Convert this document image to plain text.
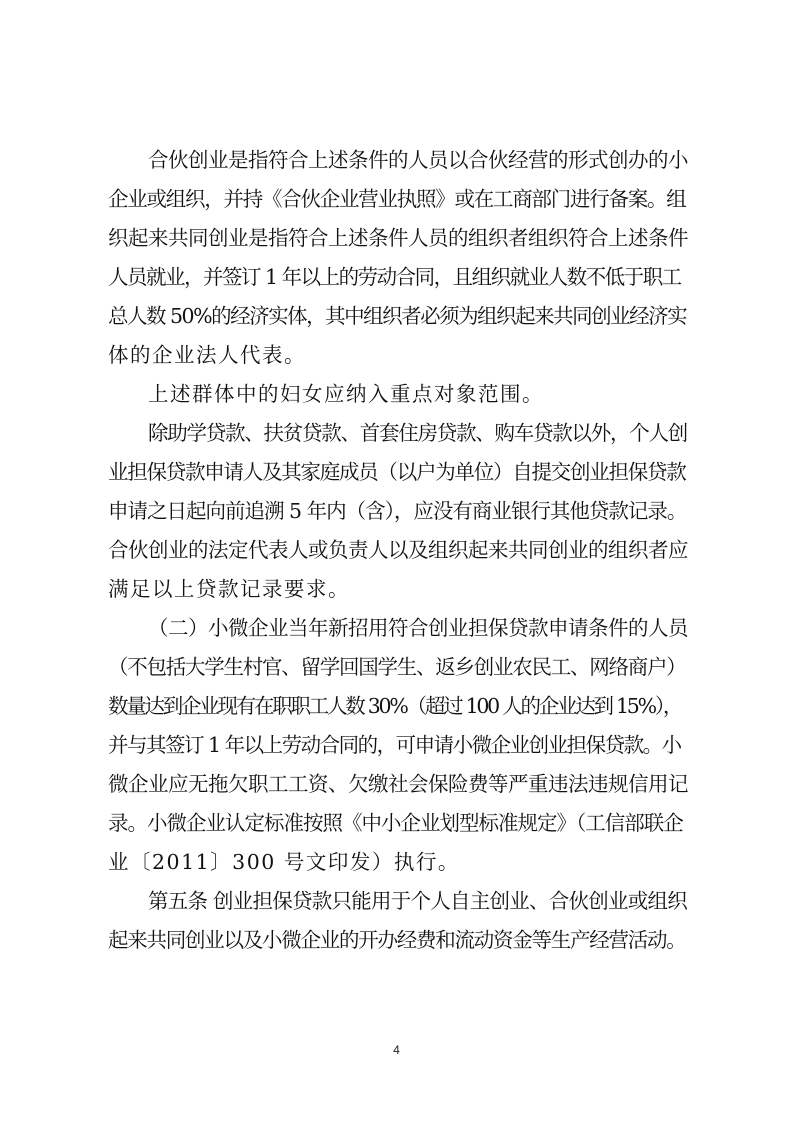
合伙创业是指符合上述条件的人员以合伙经营的形式创办的小
企业或组织，并持《合伙企业营业执照》或在工商部门进行备案。组
织起来共同创业是指符合上述条件人员的组织者组织符合上述条件
人员就业，并签订 1 年以上的劳动合同，且组织就业人数不低于职工
总人数 50%的经济实体，其中组织者必须为组织起来共同创业经济实
体的企业法人代表。
上述群体中的妇女应纳入重点对象范围。
除助学贷款、扶贫贷款、首套住房贷款、购车贷款以外，个人创
业担保贷款申请人及其家庭成员（以户为单位）自提交创业担保贷款
申请之日起向前追溯 5 年内（含），应没有商业银行其他贷款记录。
合伙创业的法定代表人或负责人以及组织起来共同创业的组织者应
满足以上贷款记录要求。
（二）小微企业当年新招用符合创业担保贷款申请条件的人员
（不包括大学生村官、留学回国学生、返乡创业农民工、网络商户）
数量达到企业现有在职职工人数 30%（超过 100 人的企业达到 15%），
并与其签订 1 年以上劳动合同的，可申请小微企业创业担保贷款。小
微企业应无拖欠职工工资、欠缴社会保险费等严重违法违规信用记
录。小微企业认定标准按照《中小企业划型标准规定》（工信部联企
业〔2011〕300 号文印发）执行。
第五条 创业担保贷款只能用于个人自主创业、合伙创业或组织
起来共同创业以及小微企业的开办经费和流动资金等生产经营活动。
4
